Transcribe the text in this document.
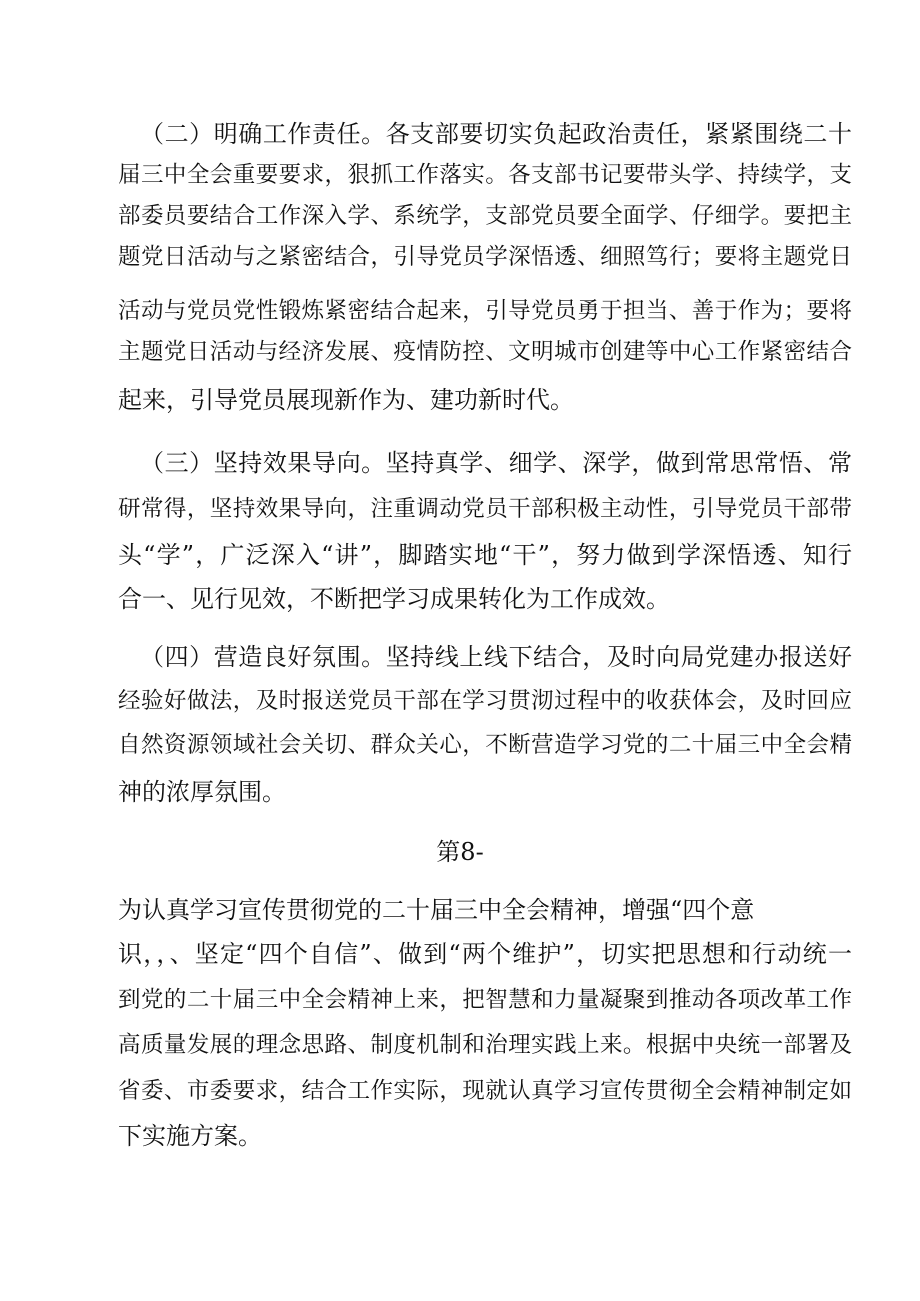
（二）明确工作责任。各支部要切实负起政治责任，紧紧围绕二十
届三中全会重要要求，狠抓工作落实。各支部书记要带头学、持续学，支
部委员要结合工作深入学、系统学，支部党员要全面学、仔细学。要把主
题党日活动与之紧密结合，引导党员学深悟透、细照笃行；要将主题党日
活动与党员党性锻炼紧密结合起来，引导党员勇于担当、善于作为；要将
主题党日活动与经济发展、疫情防控、文明城市创建等中心工作紧密结合
起来，引导党员展现新作为、建功新时代。
（三）坚持效果导向。坚持真学、细学、深学，做到常思常悟、常
研常得，坚持效果导向，注重调动党员干部积极主动性，引导党员干部带
头“学”，广泛深入“讲”，脚踏实地“干”，努力做到学深悟透、知行
合一、见行见效，不断把学习成果转化为工作成效。
（四）营造良好氛围。坚持线上线下结合，及时向局党建办报送好
经验好做法，及时报送党员干部在学习贯沏过程中的收获体会，及时回应
自然资源领域社会关切、群众关心，不断营造学习党的二十届三中全会精
神的浓厚氛围。
第8-
为认真学习宣传贯彻党的二十届三中全会精神，增强“四个意
识，，、坚定“四个自信”、做到“两个维护”，切实把思想和行动统一
到党的二十届三中全会精神上来，把智慧和力量凝聚到推动各项改革工作
高质量发展的理念思路、制度机制和治理实践上来。根据中央统一部署及
省委、市委要求，结合工作实际，现就认真学习宣传贯彻全会精神制定如
下实施方案。
